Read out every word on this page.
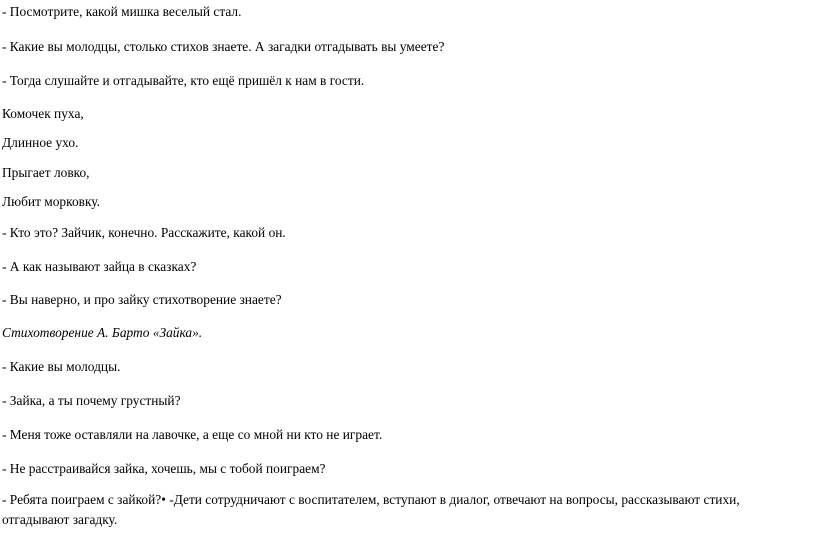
- Посмотрите, какой мишка веселый стал.

- Какие вы молодцы, столько стихов знаете. А загадки отгадывать вы умеете?

- Тогда слушайте и отгадывайте, кто ещё пришёл к нам в гости.

Комочек пуха,

Длинное ухо.

Прыгает ловко,

Любит морковку.

- Кто это? Зайчик, конечно. Расскажите, какой он.

- А как называют зайца в сказках?

- Вы наверно, и про зайку стихотворение знаете?

Стихотворение А. Барто «Зайка».

- Какие вы молодцы.

- Зайка, а ты почему грустный?

- Меня тоже оставляли на лавочке, а еще со мной ни кто не играет.

- Не расстраивайся зайка, хочешь, мы с тобой поиграем?

- Ребята поиграем с зайкой?• -Дети сотрудничают с воспитателем, вступают в диалог, отвечают на вопросы, рассказывают стихи, отгадывают загадку.
